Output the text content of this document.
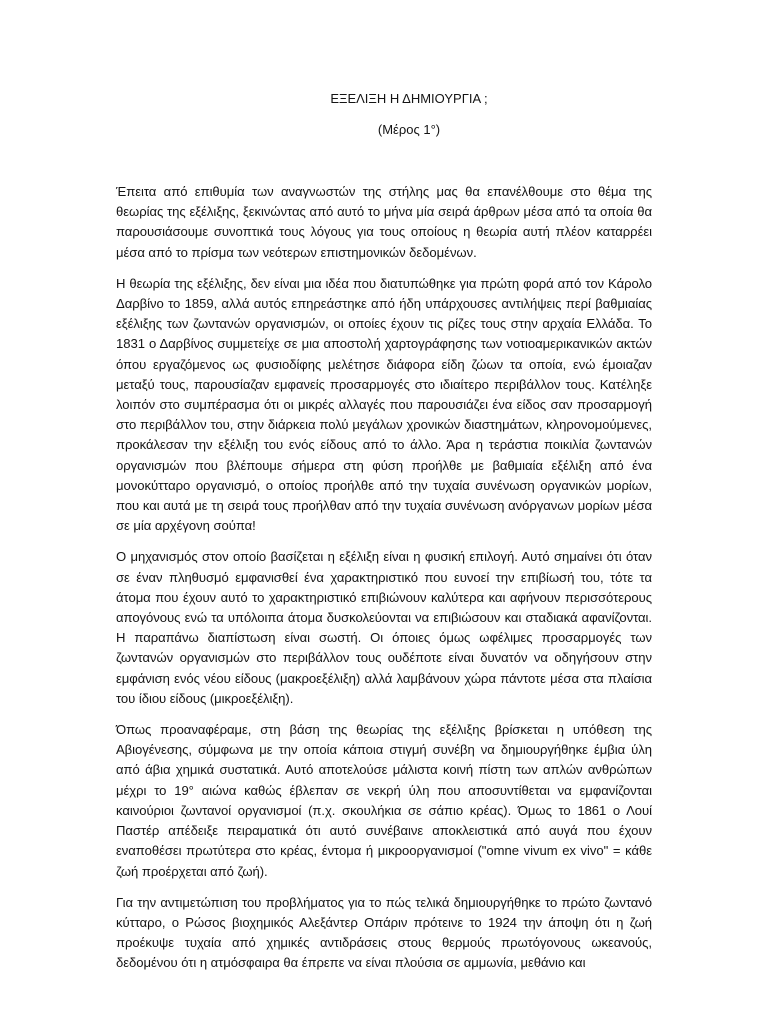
ΕΞΕΛΙΞΗ Η ΔΗΜΙΟΥΡΓΙΑ ;
(Μέρος 1°)

Έπειτα από επιθυμία των αναγνωστών της στήλης μας θα επανέλθουμε στο θέμα της θεωρίας της εξέλιξης, ξεκινώντας από αυτό το μήνα μία σειρά άρθρων μέσα από τα οποία θα παρουσιάσουμε συνοπτικά τους λόγους για τους οποίους η θεωρία αυτή πλέον καταρρέει μέσα από το πρίσμα των νεότερων επιστημονικών δεδομένων.

Η θεωρία της εξέλιξης, δεν είναι μια ιδέα που διατυπώθηκε για πρώτη φορά από τον Κάρολο Δαρβίνο το 1859, αλλά αυτός επηρεάστηκε από ήδη υπάρχουσες αντιλήψεις περί βαθμιαίας εξέλιξης των ζωντανών οργανισμών, οι οποίες έχουν τις ρίζες τους στην αρχαία Ελλάδα. Το 1831 ο Δαρβίνος συμμετείχε σε μια αποστολή χαρτογράφησης των νοτιοαμερικανικών ακτών όπου εργαζόμενος ως φυσιοδίφης μελέτησε διάφορα είδη ζώων τα οποία, ενώ έμοιαζαν μεταξύ τους, παρουσίαζαν εμφανείς προσαρμογές στο ιδιαίτερο περιβάλλον τους. Κατέληξε λοιπόν στο συμπέρασμα ότι οι μικρές αλλαγές που παρουσιάζει ένα είδος σαν προσαρμογή στο περιβάλλον του, στην διάρκεια πολύ μεγάλων χρονικών διαστημάτων, κληρονομούμενες, προκάλεσαν την εξέλιξη του ενός είδους από το άλλο. Άρα η τεράστια ποικιλία ζωντανών οργανισμών που βλέπουμε σήμερα στη φύση προήλθε με βαθμιαία εξέλιξη από ένα μονοκύτταρο οργανισμό, ο οποίος προήλθε από την τυχαία συνένωση οργανικών μορίων, που και αυτά με τη σειρά τους προήλθαν από την τυχαία συνένωση ανόργανων μορίων μέσα σε μία αρχέγονη σούπα!

Ο μηχανισμός στον οποίο βασίζεται η εξέλιξη είναι η φυσική επιλογή. Αυτό σημαίνει ότι όταν σε έναν πληθυσμό εμφανισθεί ένα χαρακτηριστικό που ευνοεί την επιβίωσή του, τότε τα άτομα που έχουν αυτό το χαρακτηριστικό επιβιώνουν καλύτερα και αφήνουν περισσότερους απογόνους ενώ τα υπόλοιπα άτομα δυσκολεύονται να επιβιώσουν και σταδιακά αφανίζονται. Η παραπάνω διαπίστωση είναι σωστή. Οι όποιες όμως ωφέλιμες προσαρμογές των ζωντανών οργανισμών στο περιβάλλον τους ουδέποτε είναι δυνατόν να οδηγήσουν στην εμφάνιση ενός νέου είδους (μακροεξέλιξη) αλλά λαμβάνουν χώρα πάντοτε μέσα στα πλαίσια του ίδιου είδους (μικροεξέλιξη).

Όπως προαναφέραμε, στη βάση της θεωρίας της εξέλιξης βρίσκεται η υπόθεση της Αβιογένεσης, σύμφωνα με την οποία κάποια στιγμή συνέβη να δημιουργήθηκε έμβια ύλη από άβια χημικά συστατικά. Αυτό αποτελούσε μάλιστα κοινή πίστη των απλών ανθρώπων μέχρι το 19° αιώνα καθώς έβλεπαν σε νεκρή ύλη που αποσυντίθεται να εμφανίζονται καινούριοι ζωντανοί οργανισμοί (π.χ. σκουλήκια σε σάπιο κρέας). Όμως το 1861 ο Λουί Παστέρ απέδειξε πειραματικά ότι αυτό συνέβαινε αποκλειστικά από αυγά που έχουν εναποθέσει πρωτύτερα στο κρέας, έντομα ή μικροοργανισμοί ("omne vivum ex vivo" = κάθε ζωή προέρχεται από ζωή).

Για την αντιμετώπιση του προβλήματος για το πώς τελικά δημιουργήθηκε το πρώτο ζωντανό κύτταρο, ο Ρώσος βιοχημικός Αλεξάντερ Οπάριν πρότεινε το 1924 την άποψη ότι η ζωή προέκυψε τυχαία από χημικές αντιδράσεις στους θερμούς πρωτόγονους ωκεανούς, δεδομένου ότι η ατμόσφαιρα θα έπρεπε να είναι πλούσια σε αμμωνία, μεθάνιο και
